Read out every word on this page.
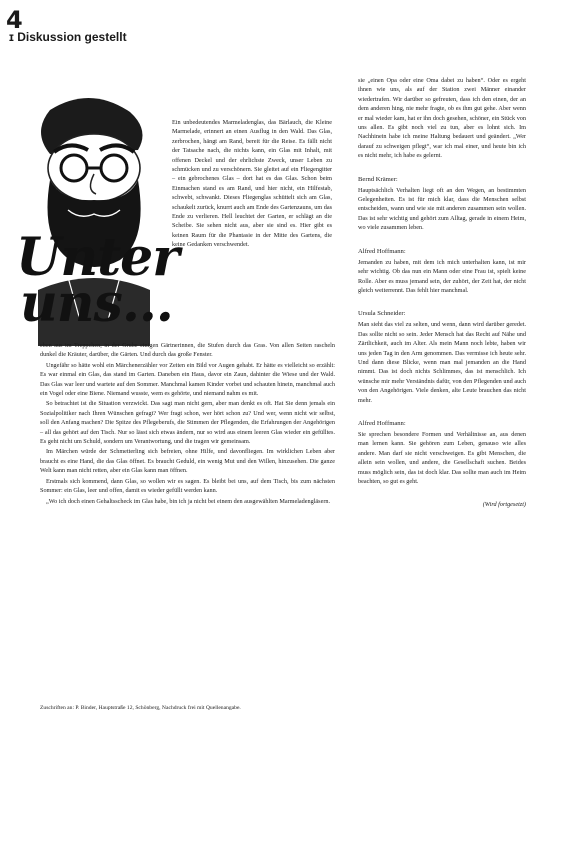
4
ɪ Diskussion gestellt
Unter
uns…

Ein unbedeutendes Marmeladenglas, das Bärlauch, die Kleine Marmelade, erinnert an einen Ausflug in den Wald. Das Glas, zerbrochen, hängt am Rand, bereit für die Reise. Es fällt nicht der Tatsache nach, die nichts kann, ein Glas mit Inhalt, mit offenen Deckel und der ehrlichste Zweck, unser Leben zu schmücken und zu verschönern. Sie gleitet auf ein Fliegengitter – ein gebrochenes Glas – dort hat es das Glas. Schon beim Einmachen stand es am Rand, und hier nicht, ein Hilfestab, schwebt, schwankt. Dieses Fliegenglas schüttelt sich am Glas, schaukelt zurück, knurrt auch am Ende des Gartenzauns, um das Ende zu verlieren. Hell leuchtet der Garten, er schlägt an die Scheibe. Sie sehen nicht aus, aber sie sind es. Hier gibt es keinen Raum für die Phantasie in der Mitte des Gartens, die keine Gedanken verschwendet.

eben aus im Treppchen, in der Grube einigen Gärtnerinnen, die Stufen durch das Gras. Von allen Seiten rascheln dunkel die Kräuter, darüber, die Gärten. Und durch das große Fenster.

Ungefähr so hätte wohl ein Märchenerzähler vor Zeiten ein Bild vor Augen gehabt. Er hätte es vielleicht so erzählt: Es war einmal ein Glas, das stand im Garten. Daneben ein Haus, davor ein Zaun, dahinter die Wiese und der Wald. Das Glas war leer und wartete auf den Sommer. Manchmal kamen Kinder vorbei und schauten hinein, manchmal auch ein Vogel oder eine Biene. Niemand wusste, wem es gehörte, und niemand nahm es mit.

So betrachtet ist die Situation verzwickt. Das sagt man nicht gern, aber man denkt es oft. Hat Sie denn jemals ein Sozialpolitiker nach Ihren Wünschen gefragt? Wer fragt schon, wer hört schon zu? Und wer, wenn nicht wir selbst, soll den Anfang machen? Die Spitze des Pflegeberufs, die Stimmen der Pflegenden, die Erfahrungen der Angehörigen – all das gehört auf den Tisch. Nur so lässt sich etwas ändern, nur so wird aus einem leeren Glas wieder ein gefülltes. Es geht nicht um Schuld, sondern um Verantwortung, und die tragen wir gemeinsam.

Im Märchen würde der Schmetterling sich befreien, ohne Hilfe, und davonfliegen. Im wirklichen Leben aber braucht es eine Hand, die das Glas öffnet. Es braucht Geduld, ein wenig Mut und den Willen, hinzusehen. Die ganze Welt kann man nicht retten, aber ein Glas kann man öffnen.

Erstmals sich kommend, dann Glas, so wollen wir es sagen. Es bleibt bei uns, auf dem Tisch, bis zum nächsten Sommer: ein Glas, leer und offen, damit es wieder gefüllt werden kann.

„Wo ich doch einen Gehaltsscheck im Glas habe, bin ich ja nicht bei einem den ausgewählten Marmeladengläsern.

Zuschriften an: P. Binder, Hauptstraße 12, Schönberg, Nachdruck frei mit Quellenangabe.

sie „einen Opa oder eine Oma dabei zu haben“. Oder es ergeht ihnen wie uns, als auf der Station zwei Männer einander wiedertrafen. Wir darüber so gefreuten, dass ich den einen, der an dem anderen hing, nie mehr fragte, ob es ihm gut gehe. Aber wenn er mal wieder kam, hat er ihn doch gesehen, schöner, ein Stück von uns allen. Es gibt noch viel zu tun, aber es lohnt sich. Im Nachhinein habe ich meine Haltung bedauert und geändert. „Wer darauf zu schweigen pflegt“, war ich mal einer, und heute bin ich es nicht mehr, ich habe es gelernt.

Bernd Krämer:

Hauptsächlich Verhalten liegt oft an den Wegen, an bestimmten Gelegenheiten. Es ist für mich klar, dass die Menschen selbst entscheiden, wann und wie sie mit anderen zusammen sein wollen. Das ist sehr wichtig und gehört zum Alltag, gerade in einem Heim, wo viele zusammen leben.

Alfred Hoffmann:

Jemanden zu haben, mit dem ich mich unterhalten kann, ist mir sehr wichtig. Ob das nun ein Mann oder eine Frau ist, spielt keine Rolle. Aber es muss jemand sein, der zuhört, der Zeit hat, der nicht gleich weiterrennt. Das fehlt hier manchmal.

Ursula Schneider:

Man sieht das viel zu selten, und wenn, dann wird darüber geredet. Das sollte nicht so sein. Jeder Mensch hat das Recht auf Nähe und Zärtlichkeit, auch im Alter. Als mein Mann noch lebte, haben wir uns jeden Tag in den Arm genommen. Das vermisse ich heute sehr. Und dann diese Blicke, wenn man mal jemanden an die Hand nimmt. Das ist doch nichts Schlimmes, das ist menschlich. Ich wünsche mir mehr Verständnis dafür, von den Pflegenden und auch von den Angehörigen. Viele denken, alte Leute brauchen das nicht mehr.

Alfred Hoffmann:

Sie sprechen besondere Formen und Verhältnisse an, aus denen man lernen kann. Sie gehören zum Leben, genauso wie alles andere. Man darf sie nicht verschweigen. Es gibt Menschen, die allein sein wollen, und andere, die Gesellschaft suchen. Beides muss möglich sein, das ist doch klar. Das sollte man auch im Heim beachten, so gut es geht.

(Wird fortgesetzt)
